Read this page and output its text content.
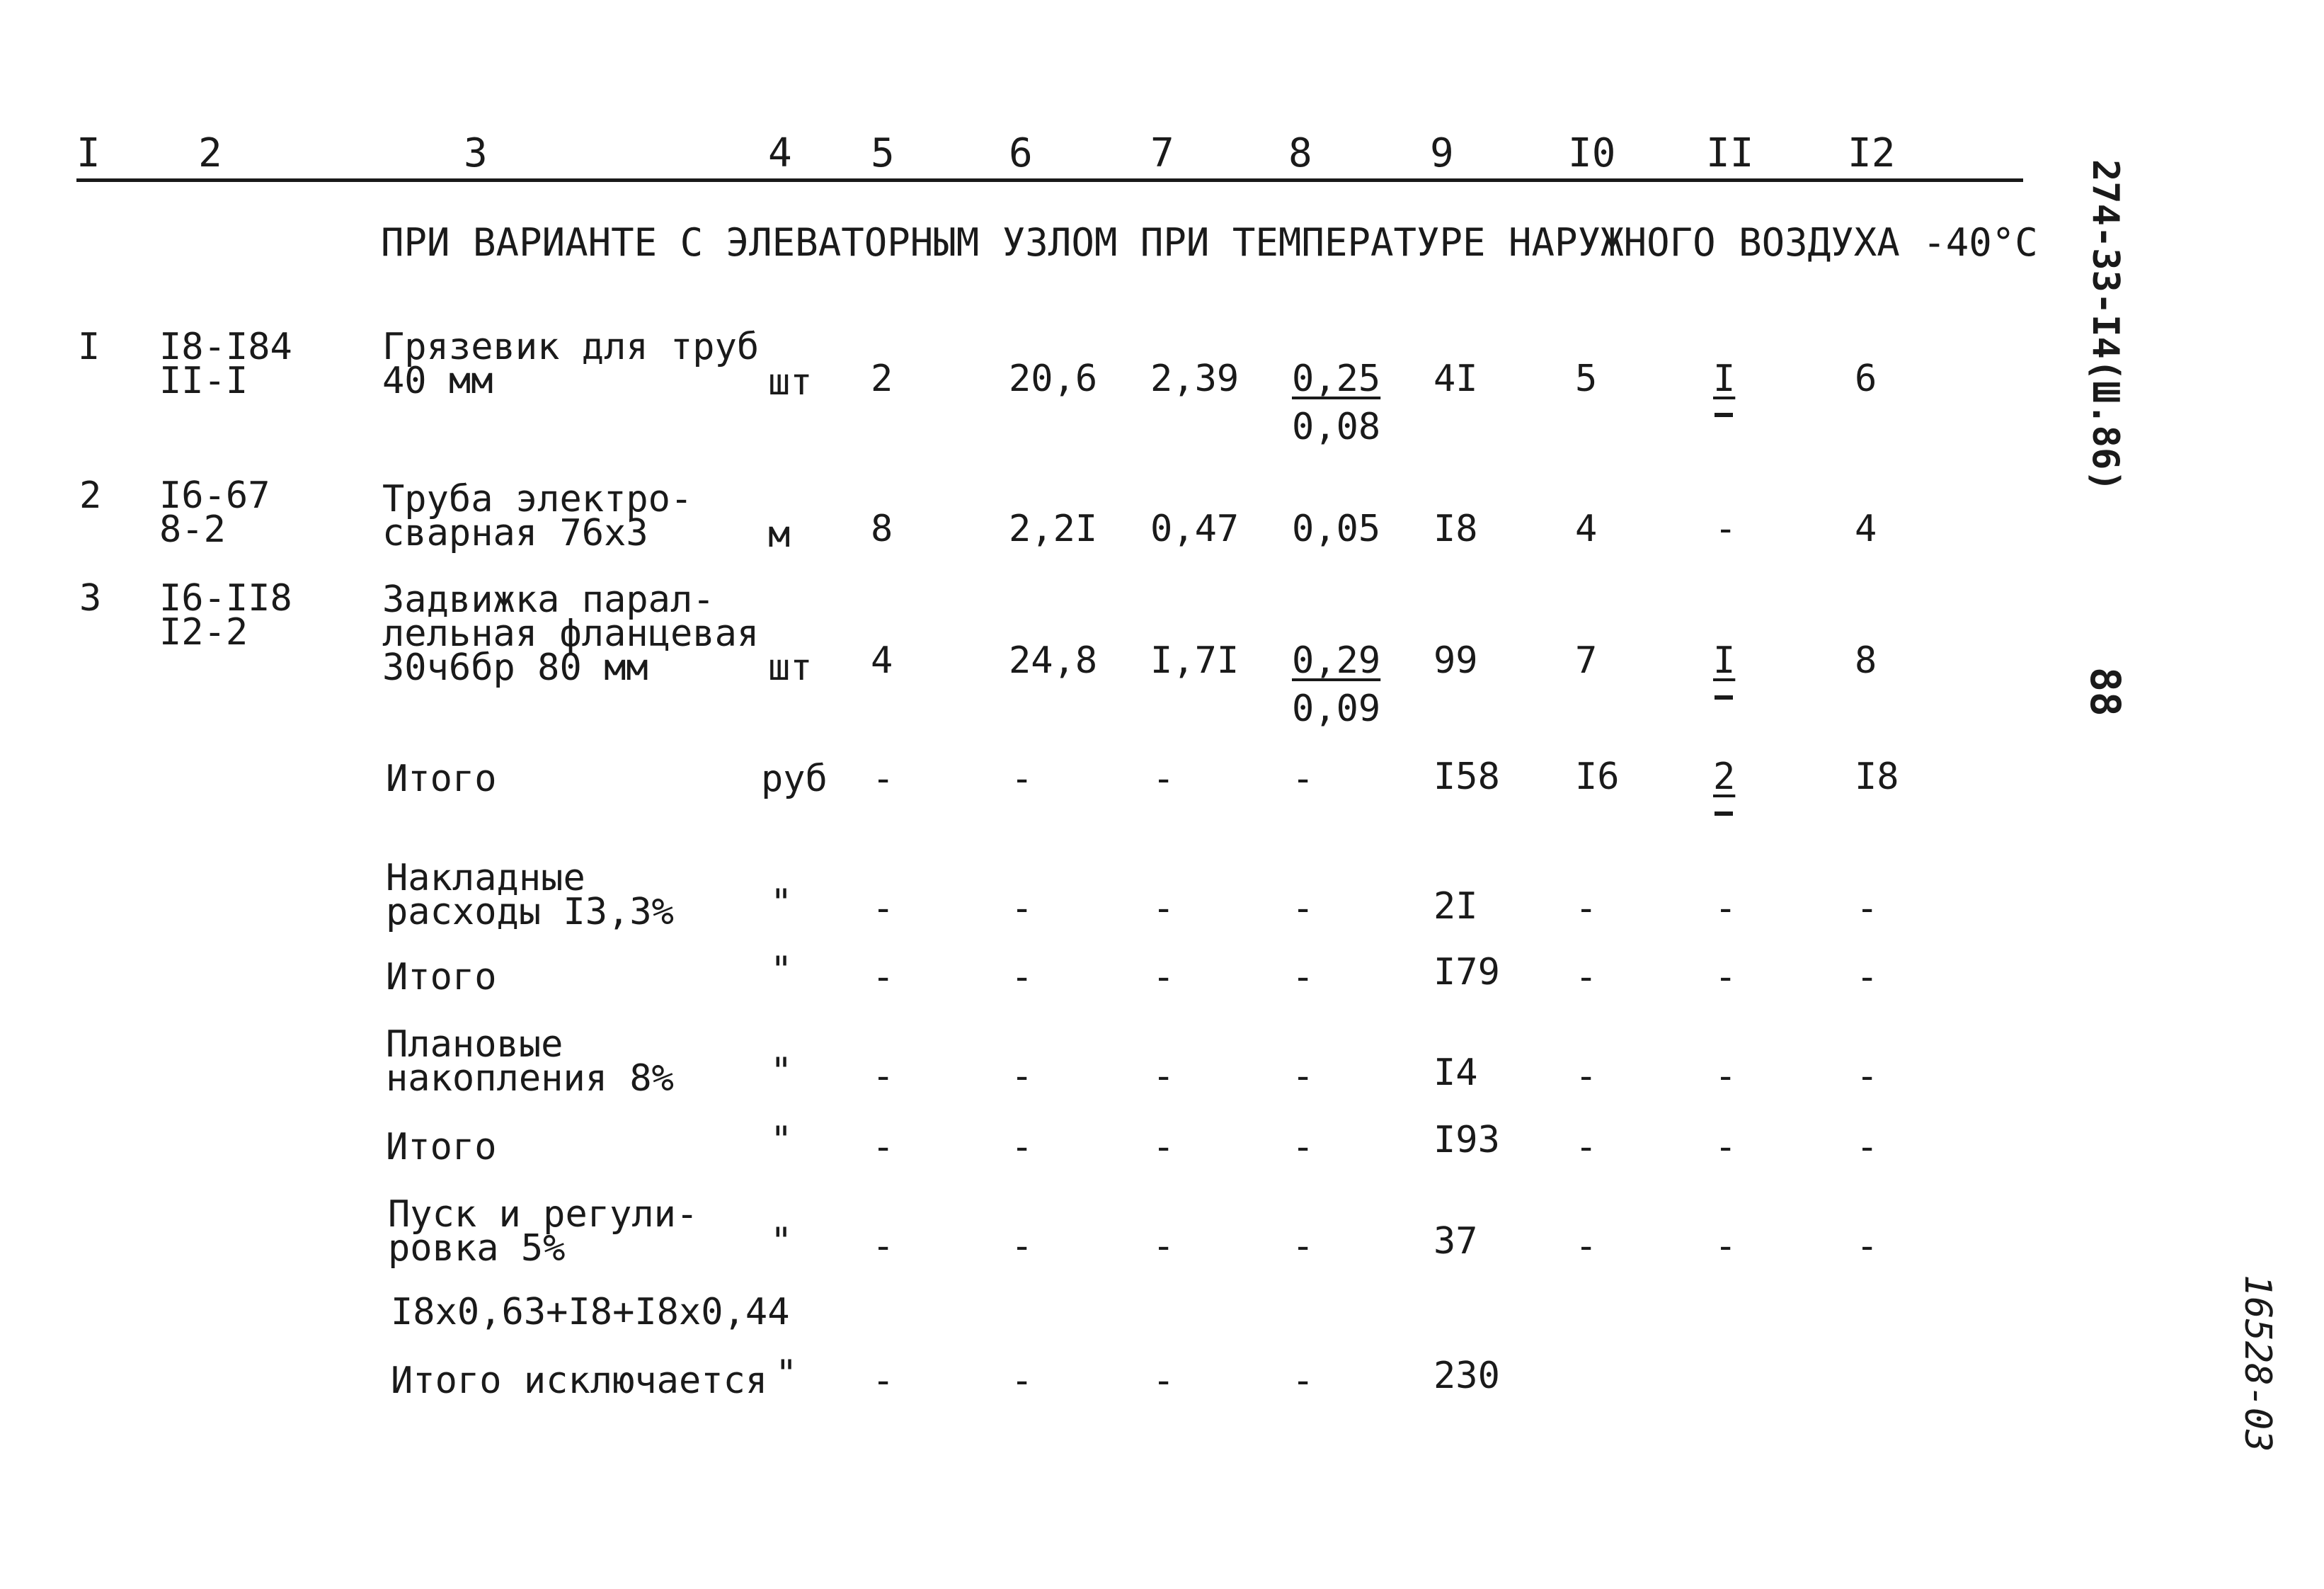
I 2	3	4 5	6	7	8	9	I0 II I2
ПРИ ВАРИАНТЕ С ЭЛЕВАТОРНЫМ УЗЛОМ ПРИ ТЕМПЕРАТУРЕ НАРУЖНОГО ВОЗДУХА -40°С
I I8-I84
II-I
Грязевик для труб
40 мм	шт 2	20,6 2,39 0,25
0,08
4I	5	I	6
2 I6-67
8-2
Труба электро-
сварная 76x3	м 8	2,2I 0,47 0,05 I8	4	-	4
3 I6-II8
I2-2
Задвижка парал-
лельная фланцевая
30ч6бр 80 мм	шт 4	24,8 I,7I 0,29
0,09
99	7	I	8
Итого	руб -	-	-	-	I58 I6	2	I8
Накладные
расходы I3,3%	" -	-	-	-	2I	-	-	-
Итого	" -	-	-	-	I79 -	-	-
Плановые
накопления 8%	" -	-	-	-	I4	-	-	-
Итого	" -	-	-	-	I93 -	-	-
Пуск и регули-
ровка 5%	" -	-	-	-	37	-	-	-
I8x0,63+I8+I8x0,44
Итого исключается " -	-	-	-	230
274-33-I4(Ш.86)
88
16528-03
